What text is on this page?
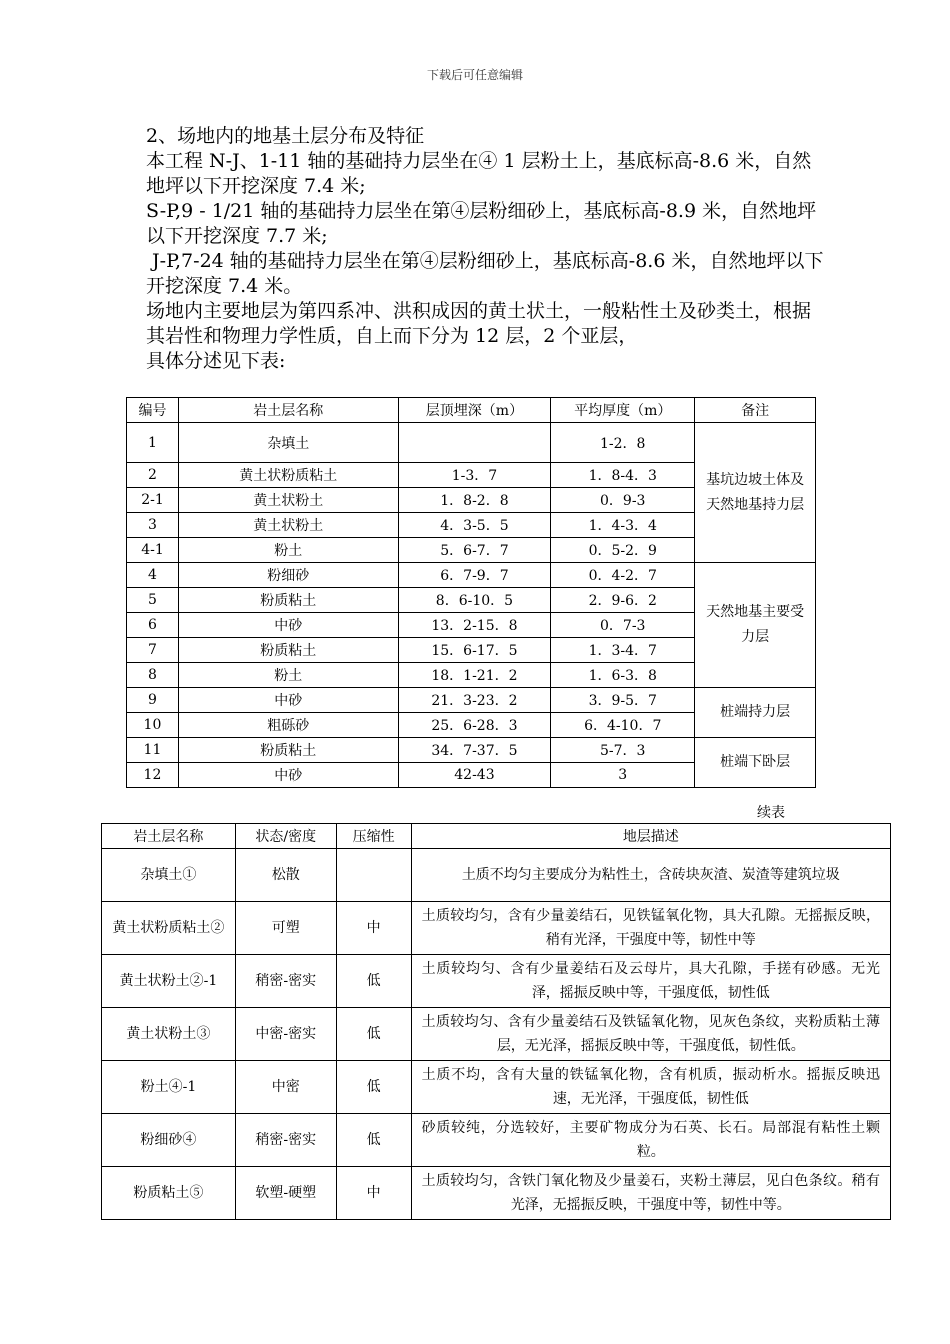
下载后可任意编辑

2、场地内的地基土层分布及特征

本工程 N-J、1-11 轴的基础持力层坐在④ 1 层粉土上，基底标高-8.6 米，自然地坪以下开挖深度 7.4 米;

S-P,9 - 1/21 轴的基础持力层坐在第④层粉细砂上，基底标高-8.9 米，自然地坪以下开挖深度 7.7 米;

J-P,7-24 轴的基础持力层坐在第④层粉细砂上，基底标高-8.6 米，自然地坪以下开挖深度 7.4 米。

场地内主要地层为第四系冲、洪积成因的黄土状土，一般粘性土及砂类土，根据其岩性和物理力学性质，自上而下分为 12 层，2 个亚层，

具体分述见下表:

编号	岩土层名称	层顶埋深（m）	平均厚度（m）	备注
1	杂填土		1-2．8	基坑边坡土体及天然地基持力层
2	黄土状粉质粘土	1-3．7	1．8-4．3	
2-1	黄土状粉土	1．8-2．8	0．9-3	
3	黄土状粉土	4．3-5．5	1．4-3．4	
4-1	粉土	5．6-7．7	0．5-2．9	
4	粉细砂	6．7-9．7	0．4-2．7	天然地基主要受力层
5	粉质粘土	8．6-10．5	2．9-6．2	
6	中砂	13．2-15．8	0．7-3	
7	粉质粘土	15．6-17．5	1．3-4．7	
8	粉土	18．1-21．2	1．6-3．8	
9	中砂	21．3-23．2	3．9-5．7	桩端持力层
10	粗砾砂	25．6-28．3	6．4-10．7	
11	粉质粘土	34．7-37．5	5-7．3	桩端下卧层
12	中砂	42-43	3	
续表
岩土层名称	状态/密度	压缩性	地层描述
杂填土①	松散		土质不均匀主要成分为粘性土，含砖块灰渣、炭渣等建筑垃圾
黄土状粉质粘土②	可塑	中	土质较均匀，含有少量姜结石，见铁锰氧化物，具大孔隙。无摇振反映，稍有光泽，干强度中等，韧性中等
黄土状粉土②-1	稍密-密实	低	土质较均匀、含有少量姜结石及云母片，具大孔隙，手搓有砂感。无光泽，摇振反映中等，干强度低，韧性低
黄土状粉土③	中密-密实	低	土质较均匀、含有少量姜结石及铁锰氧化物，见灰色条纹，夹粉质粘土薄层，无光泽，摇振反映中等，干强度低，韧性低。
粉土④-1	中密	低	土质不均，含有大量的铁锰氧化物，含有机质，振动析水。摇振反映迅速，无光泽，干强度低，韧性低
粉细砂④	稍密-密实	低	砂质较纯，分选较好，主要矿物成分为石英、长石。局部混有粘性土颗粒。
粉质粘土⑤	软塑-硬塑	中	土质较均匀，含铁门氧化物及少量姜石，夹粉土薄层，见白色条纹。稍有光泽，无摇振反映，干强度中等，韧性中等。
